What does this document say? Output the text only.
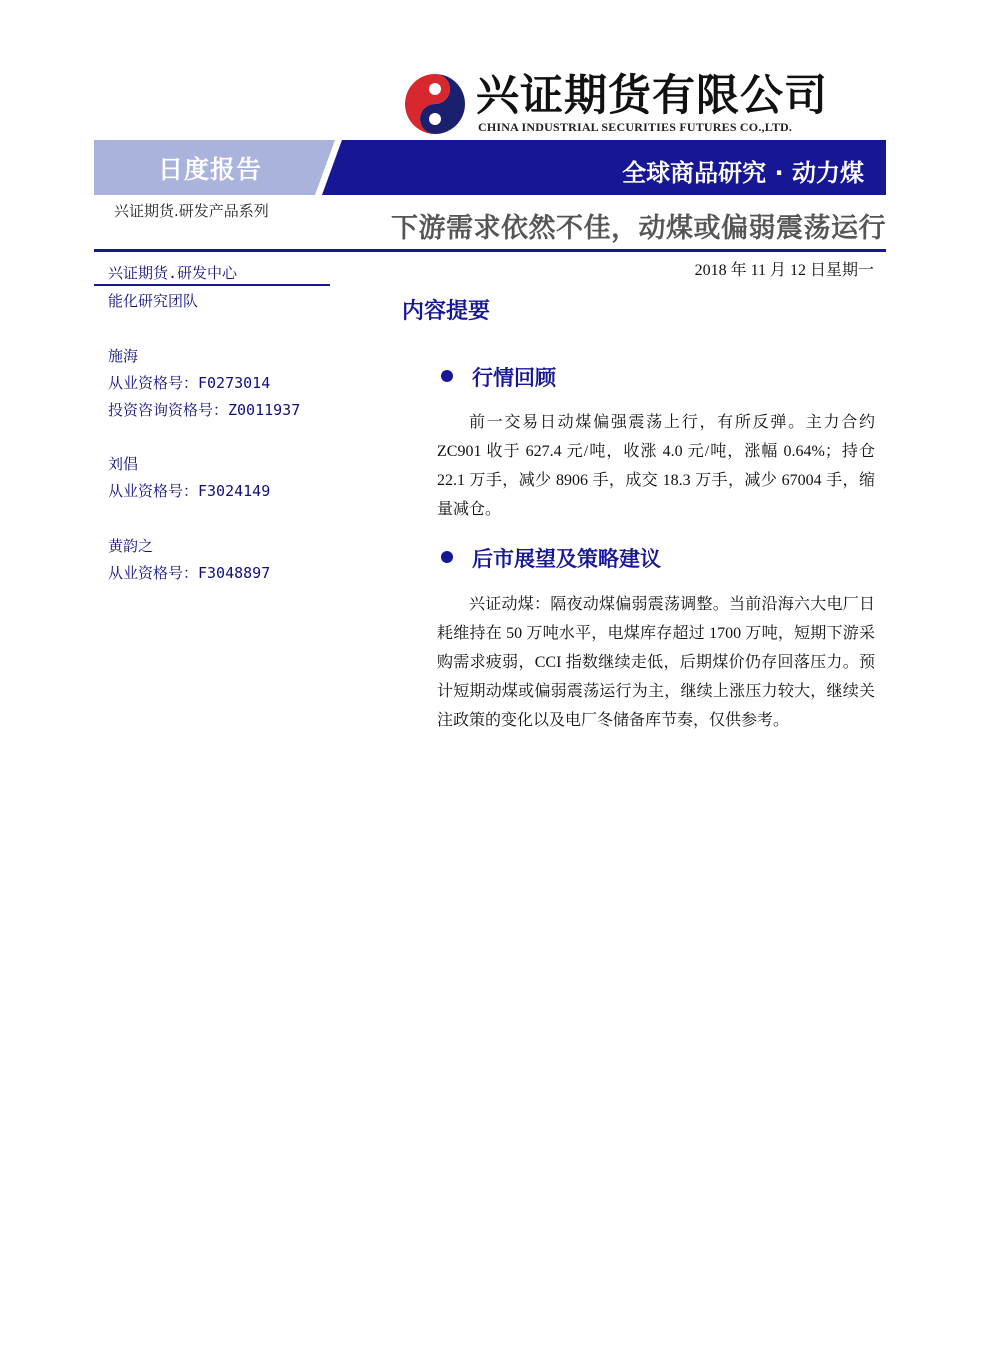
兴证期货有限公司
CHINA INDUSTRIAL SECURITIES FUTURES CO.,LTD.
日度报告	全球商品研究 · 动力煤
兴证期货.研发产品系列
下游需求依然不佳，动煤或偏弱震荡运行
2018 年 11 月 12 日星期一
兴证期货.研发中心
能化研究团队
施海
从业资格号：F0273014
投资咨询资格号：Z0011937
刘倡
从业资格号：F3024149
黄韵之
从业资格号：F3048897
内容提要
行情回顾
前一交易日动煤偏强震荡上行，有所反弹。主力合约 ZC901 收于 627.4 元/吨，收涨 4.0 元/吨，涨幅 0.64%；持仓 22.1 万手，减少 8906 手，成交 18.3 万手，减少 67004 手，缩量减仓。
后市展望及策略建议
兴证动煤：隔夜动煤偏弱震荡调整。当前沿海六大电厂日耗维持在 50 万吨水平，电煤库存超过 1700 万吨，短期下游采购需求疲弱，CCI 指数继续走低，后期煤价仍存回落压力。预计短期动煤或偏弱震荡运行为主，继续上涨压力较大，继续关注政策的变化以及电厂冬储备库节奏，仅供参考。
